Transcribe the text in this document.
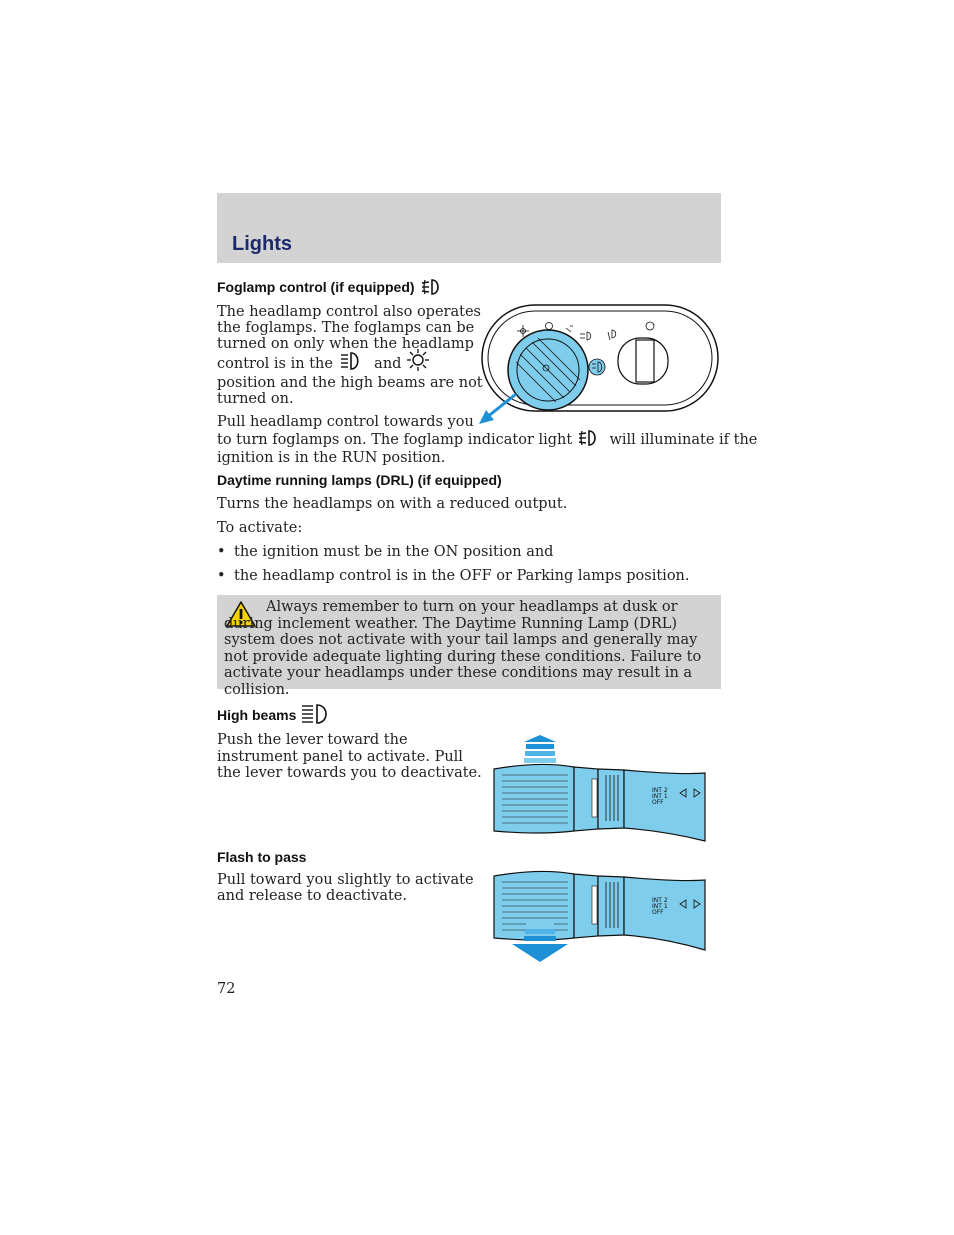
Lights
Foglamp control (if equipped)
The headlamp control also operates
the foglamps. The foglamps can be
turned on only when the headlamp
control is in the	and
position and the high beams are not
turned on.
Pull headlamp control towards you
to turn foglamps on. The foglamp indicator light	will illuminate if the
ignition is in the RUN position.
Daytime running lamps (DRL) (if equipped)
Turns the headlamps on with a reduced output.
To activate:
• the ignition must be in the ON position and
• the headlamp control is in the OFF or Parking lamps position.
Always remember to turn on your headlamps at dusk or during inclement weather. The Daytime Running Lamp (DRL) system does not activate with your tail lamps and generally may not provide adequate lighting during these conditions. Failure to activate your headlamps under these conditions may result in a collision.
High beams
Push the lever toward the
instrument panel to activate. Pull
the lever towards you to deactivate.
INT 2
INT 1
OFF
Flash to pass
Pull toward you slightly to activate
and release to deactivate.	INT 2
INT 1
OFF
72
